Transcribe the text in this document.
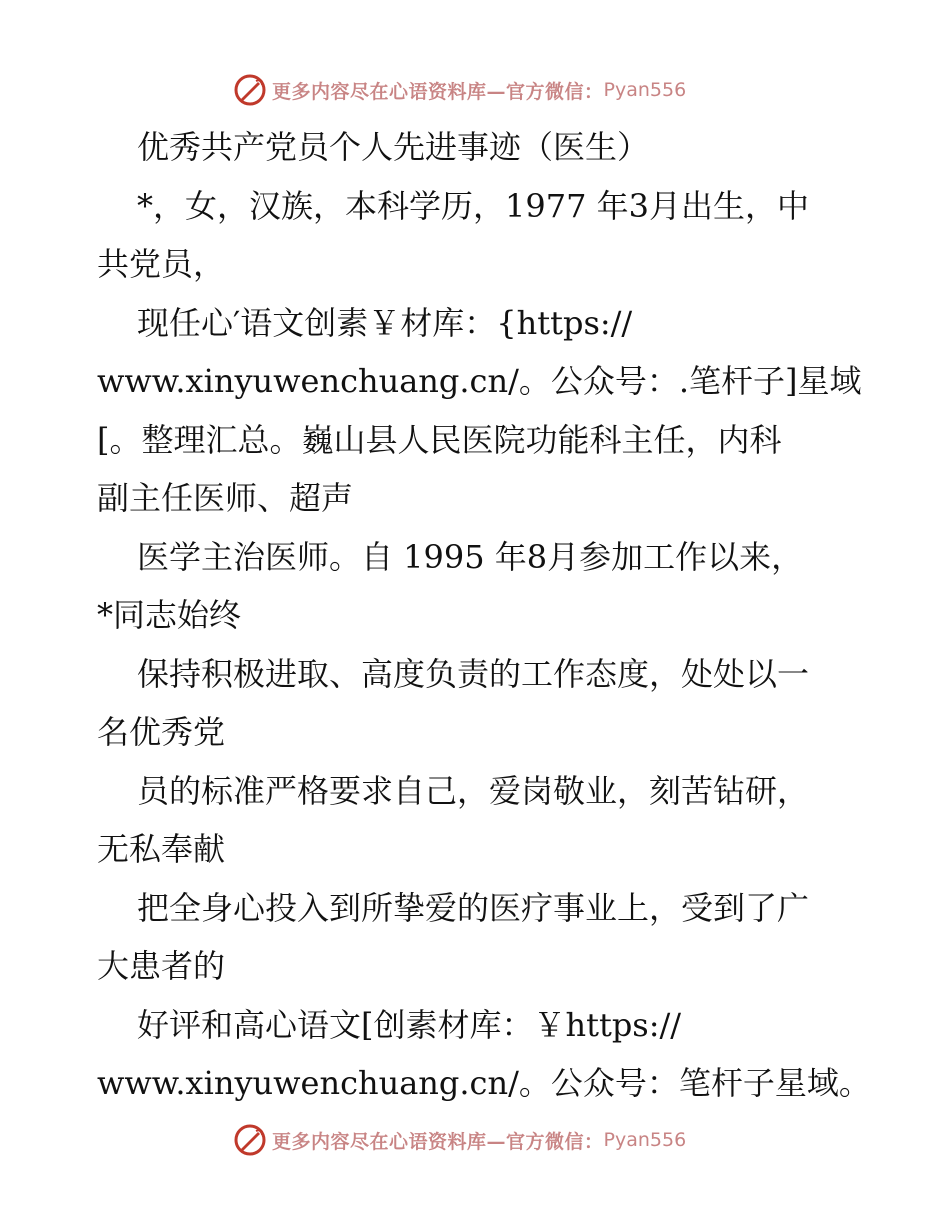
更多内容尽在心语资料库—官方微信： Pyan556
优秀共产党员个人先进事迹（医生）
*，女，汉族，本科学历，1977 年3月出生，中
共党员，
现任心′语文创素￥材库：{https://
www.xinyuwenchuang.cn/。公众号：.笔杆子]星域
[。整理汇总。巍山县人民医院功能科主任，内科
副主任医师、超声
医学主治医师。自 1995 年8月参加工作以来，
*同志始终
保持积极进取、高度负责的工作态度，处处以一
名优秀党
员的标准严格要求自己，爱岗敬业，刻苦钻研，
无私奉献
把全身心投入到所挚爱的医疗事业上，受到了广
大患者的
好评和高心语文[创素材库：￥https://
www.xinyuwenchuang.cn/。公众号：笔杆子星域。
更多内容尽在心语资料库—官方微信： Pyan556
